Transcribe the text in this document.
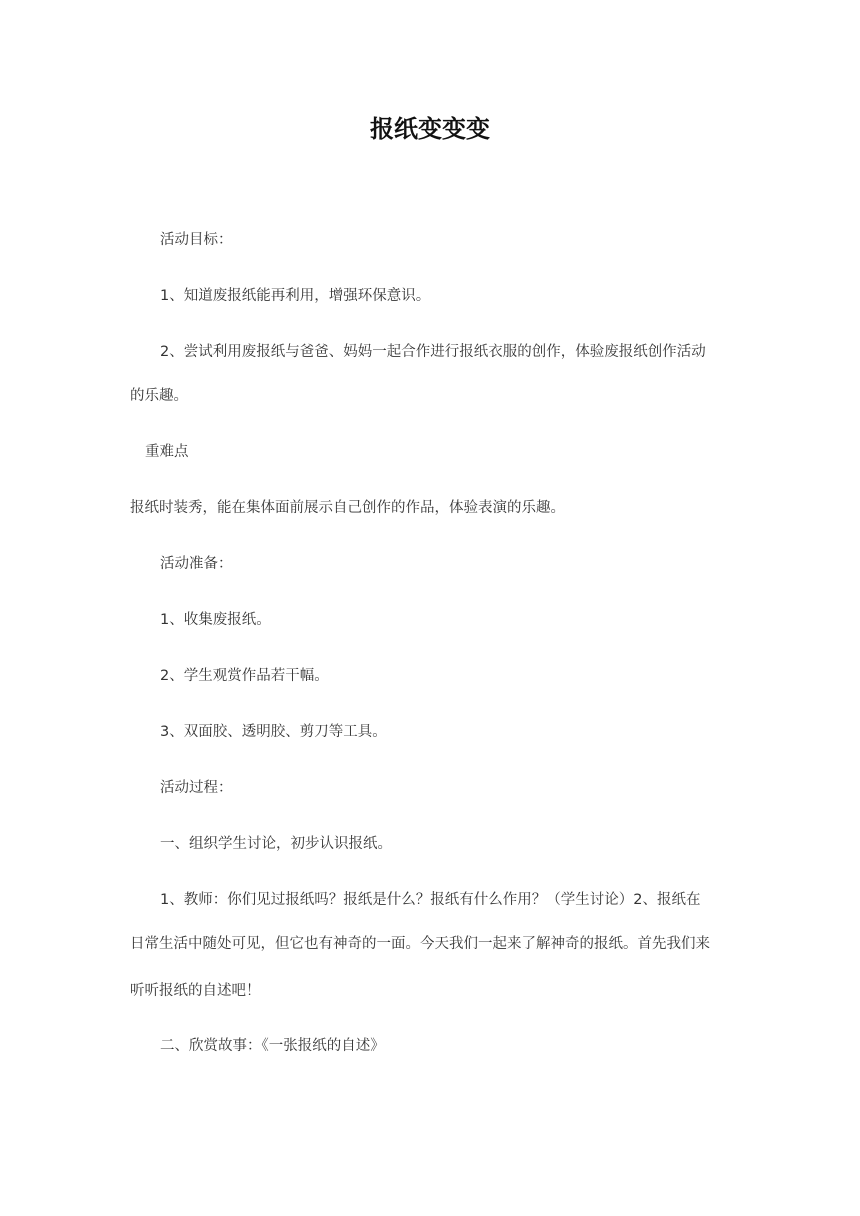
报纸变变变

活动目标：

1、知道废报纸能再利用，增强环保意识。

2、尝试利用废报纸与爸爸、妈妈一起合作进行报纸衣服的创作，体验废报纸创作活动

的乐趣。

重难点

报纸时装秀，能在集体面前展示自己创作的作品，体验表演的乐趣。

活动准备：

1、收集废报纸。

2、学生观赏作品若干幅。

3、双面胶、透明胶、剪刀等工具。

活动过程：

一、组织学生讨论，初步认识报纸。

1、教师：你们见过报纸吗？报纸是什么？报纸有什么作用？（学生讨论）2、报纸在

日常生活中随处可见，但它也有神奇的一面。今天我们一起来了解神奇的报纸。首先我们来

听听报纸的自述吧！

二、欣赏故事：《一张报纸的自述》
